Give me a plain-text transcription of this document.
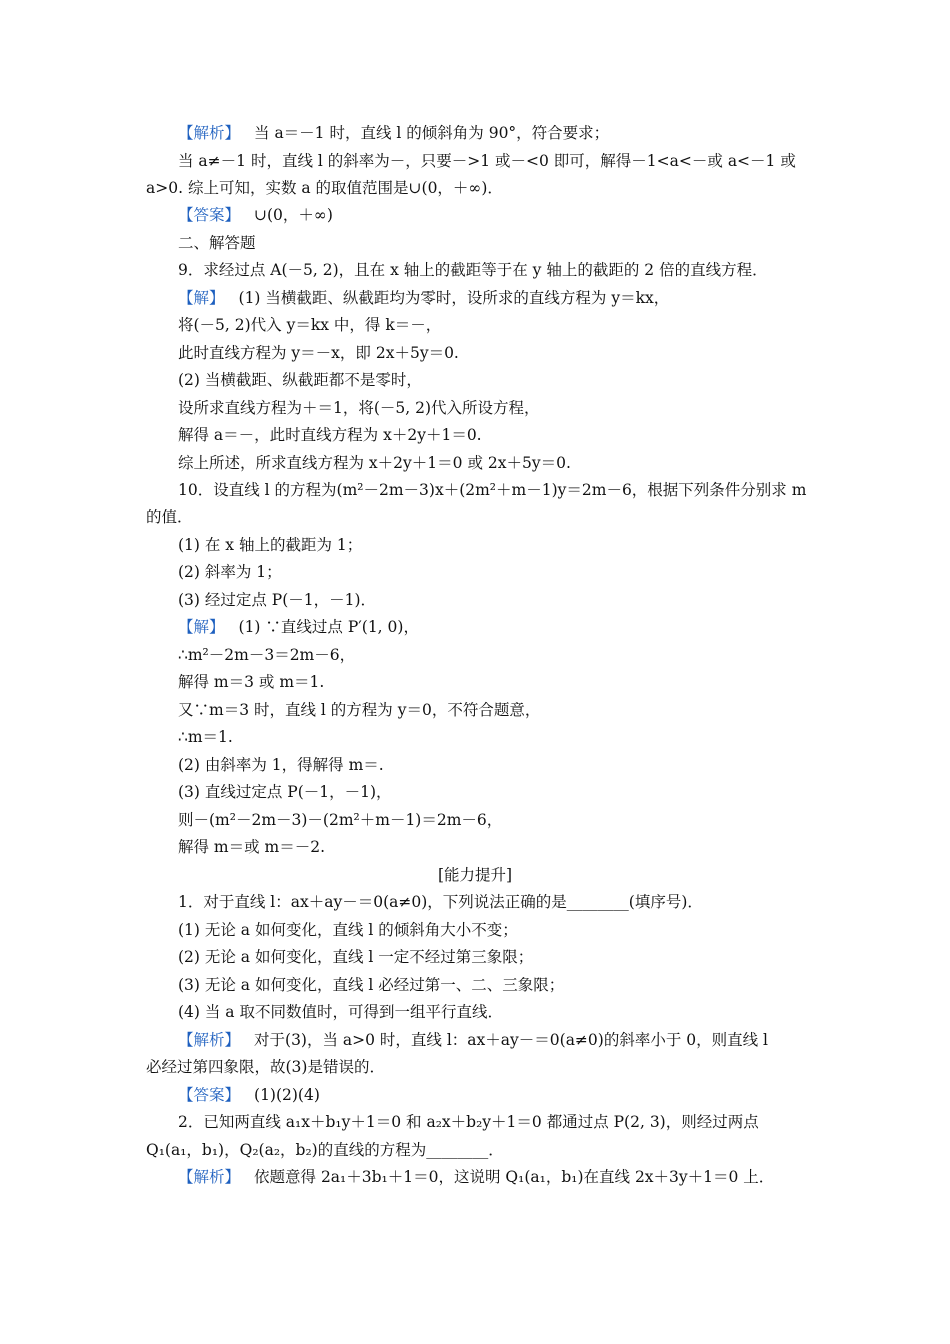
【解析】 当 a＝－1 时，直线 l 的倾斜角为 90°，符合要求；
当 a≠－1 时，直线 l 的斜率为－，只要－>1 或－<0 即可，解得－1<a<－或 a<－1 或
a>0. 综上可知，实数 a 的取值范围是∪(0，＋∞)．
【答案】 ∪(0，＋∞)
二、解答题
9．求经过点 A(－5, 2)，且在 x 轴上的截距等于在 y 轴上的截距的 2 倍的直线方程．
【解】 (1) 当横截距、纵截距均为零时，设所求的直线方程为 y＝kx，
将(－5, 2)代入 y＝kx 中，得 k＝－，
此时直线方程为 y＝－x，即 2x＋5y＝0.
(2) 当横截距、纵截距都不是零时，
设所求直线方程为＋＝1，将(－5, 2)代入所设方程，
解得 a＝－，此时直线方程为 x＋2y＋1＝0.
综上所述，所求直线方程为 x＋2y＋1＝0 或 2x＋5y＝0.
10．设直线 l 的方程为(m²－2m－3)x＋(2m²＋m－1)y＝2m－6，根据下列条件分别求 m
的值．
(1) 在 x 轴上的截距为 1；
(2) 斜率为 1；
(3) 经过定点 P(－1，－1)．
【解】 (1) ∵直线过点 P′(1, 0)，
∴m²－2m－3＝2m－6，
解得 m＝3 或 m＝1.
又∵m＝3 时，直线 l 的方程为 y＝0，不符合题意，
∴m＝1.
(2) 由斜率为 1，得解得 m＝.
(3) 直线过定点 P(－1，－1)，
则－(m²－2m－3)－(2m²＋m－1)＝2m－6，
解得 m＝或 m＝－2.
[能力提升]
1．对于直线 l：ax＋ay－＝0(a≠0)，下列说法正确的是________(填序号)．
(1) 无论 a 如何变化，直线 l 的倾斜角大小不变；
(2) 无论 a 如何变化，直线 l 一定不经过第三象限；
(3) 无论 a 如何变化，直线 l 必经过第一、二、三象限；
(4) 当 a 取不同数值时，可得到一组平行直线．
【解析】 对于(3)，当 a>0 时，直线 l：ax＋ay－＝0(a≠0)的斜率小于 0，则直线 l
必经过第四象限，故(3)是错误的．
【答案】 (1)(2)(4)
2．已知两直线 a₁x＋b₁y＋1＝0 和 a₂x＋b₂y＋1＝0 都通过点 P(2, 3)，则经过两点
Q₁(a₁，b₁)，Q₂(a₂，b₂)的直线的方程为________．
【解析】 依题意得 2a₁＋3b₁＋1＝0，这说明 Q₁(a₁，b₁)在直线 2x＋3y＋1＝0 上．
